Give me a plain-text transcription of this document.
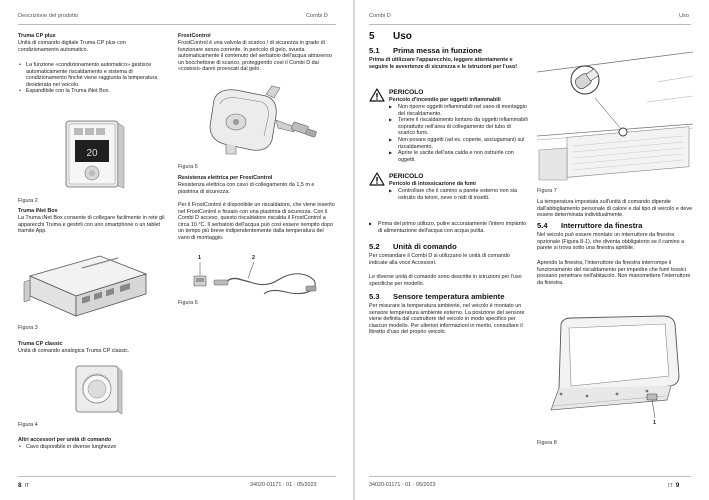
Descrizione del prodotto	Combi D
Truma CP plus
Unità di comando digitale Truma CP plus con condizionamento automatico.
• La funzione «condizionamento automatico» gestisce automaticamente riscaldamento e sistema di condizionamento finché viene raggiunta la temperatura desiderata nel veicolo.
• Espandibile con la Truma iNet Box.
20
Figura 2
Truma iNet Box
La Truma iNet Box consente di collegare facilmente in rete gli apparecchi Truma e gestirli con uno smartphone o un tablet tramite App.
Figura 3
Truma CP classic
Unità di comando analogica Truma CP classic.
Figura 4
Altri accessori per unità di comando
• Cavo disponibile in diverse lunghezze
FrostControl
FrostControl è una valvola di scarico / di sicurezza in grado di funzionare senza corrente. In pericolo di gelo, svuota automaticamente il contenuto del serbatoio dell'acqua attraverso un bocchettone di scarico, proteggendo così il Combi D dai «costosi» danni provocati dal gelo.
Figura 5
Resistenza elettrica per FrostControl
Resistenza elettrica con cavo di collegamento da 1,5 m e piastrina di sicurezza.
Per il FrostControl è disponibile un riscaldatore, che viene inserito nel FrostControl e fissato con una piastrina di sicurezza. Con il Combi D acceso, questo riscaldatore riscalda il FrostControl a circa 10 °C. Il serbatoio dell'acqua può così essere riempito dopo un tempo più breve indipendentemente dalla temperatura del vano di montaggio.
1	2
Figura 6
8 IT	34020-01171 · 01 · 05/2023
Combi D	Uso
5 Uso
5.1 Prima messa in funzione
Prima di utilizzare l'apparecchio, leggere attentamente e seguire le avvertenze di sicurezza e le istruzioni per l'uso!
PERICOLO
Pericolo d'incendio per oggetti infiammabili
▶ Non riporre oggetti infiammabili nel vano di montaggio del riscaldamento.
▶ Tenere il riscaldamento lontano da oggetti infiammabili soprattutto nell'area di collegamento del tubo di scarico fumi.
▶ Non posare oggetti (ad es. coperte, asciugamani) sul riscaldamento.
▶ Aprire le uscite dell'aria calda e non ostruirle con oggetti.
PERICOLO
Pericolo di intossicazione da fumi
▶ Controllare che il camino a parete esterno non sia ostruito da teloni, neve o nidi di insetti.
▶ Prima del primo utilizzo, pulire accuratamente l'intero impianto di alimentazione dell'acqua con acqua pulita.
5.2 Unità di comando
Per comandare il Combi D si utilizzano le unità di comando indicate alla voce Accessori.
Le diverse unità di comando sono descritte in istruzioni per l'uso specifiche per modello.
5.3 Sensore temperatura ambiente
Per misurare la temperatura ambiente, nel veicolo è montato un sensore temperatura ambiente esterno. La posizione del sensore viene definita dal costruttore del veicolo in modo specifico per ciascun modello. Per ulteriori informazioni in merito, consultare il libretto d'uso del proprio veicolo.
Figura 7
La temperatura impostata sull'unità di comando dipende dall'abbigliamento personale di calore e dal tipo di veicolo e deve essere determinata individualmente.
5.4 Interruttore da finestra
Nel veicolo può essere montato un interruttore da finestra opzionale (Figura 8-1), che diventa obbligatorio se il camino a parete si trova sotto una finestra apribile.
Aprendo la finestra, l'interruttore da finestra interrompe il funzionamento del riscaldamento per impedire che fumi tossici possano penetrare nell'abitacolo. Non manomettere l'interruttore da finestra.
1
Figura 8
34020-01171 · 01 · 05/2023	IT 9
